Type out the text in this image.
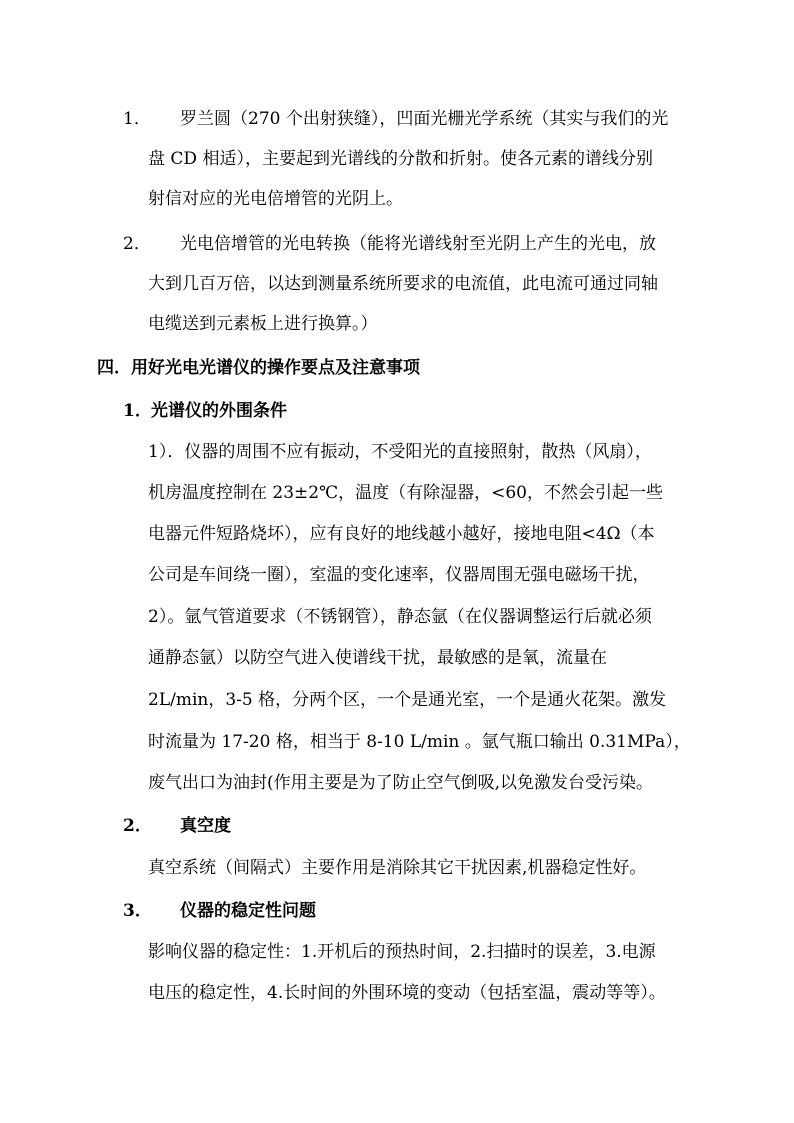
1． 罗兰圆（270 个出射狭缝），凹面光栅光学系统（其实与我们的光
盘 CD 相适），主要起到光谱线的分散和折射。使各元素的谱线分别
射信对应的光电倍增管的光阴上。
2． 光电倍增管的光电转换（能将光谱线射至光阴上产生的光电，放
大到几百万倍，以达到测量系统所要求的电流值，此电流可通过同轴
电缆送到元素板上进行换算。）
四．用好光电光谱仪的操作要点及注意事项
1． 光谱仪的外围条件
1）．仪器的周围不应有振动，不受阳光的直接照射，散热（风扇），
机房温度控制在 23±2℃，温度（有除湿器，<60，不然会引起一些
电器元件短路烧坏），应有良好的地线越小越好，接地电阻<4Ω（本
公司是车间绕一圈），室温的变化速率，仪器周围无强电磁场干扰，
2）。氩气管道要求（不锈钢管），静态氩（在仪器调整运行后就必须
通静态氩）以防空气进入使谱线干扰，最敏感的是氧，流量在
2L/min，3-5 格，分两个区，一个是通光室，一个是通火花架。激发
时流量为 17-20 格，相当于 8-10 L/min 。氩气瓶口输出 0.31MPa），
废气出口为油封(作用主要是为了防止空气倒吸,以免激发台受污染。
2． 真空度
真空系统（间隔式）主要作用是消除其它干扰因素,机器稳定性好。
3． 仪器的稳定性问题
影响仪器的稳定性：1.开机后的预热时间，2.扫描时的误差，3.电源
电压的稳定性，4.长时间的外围环境的变动（包括室温，震动等等）。
